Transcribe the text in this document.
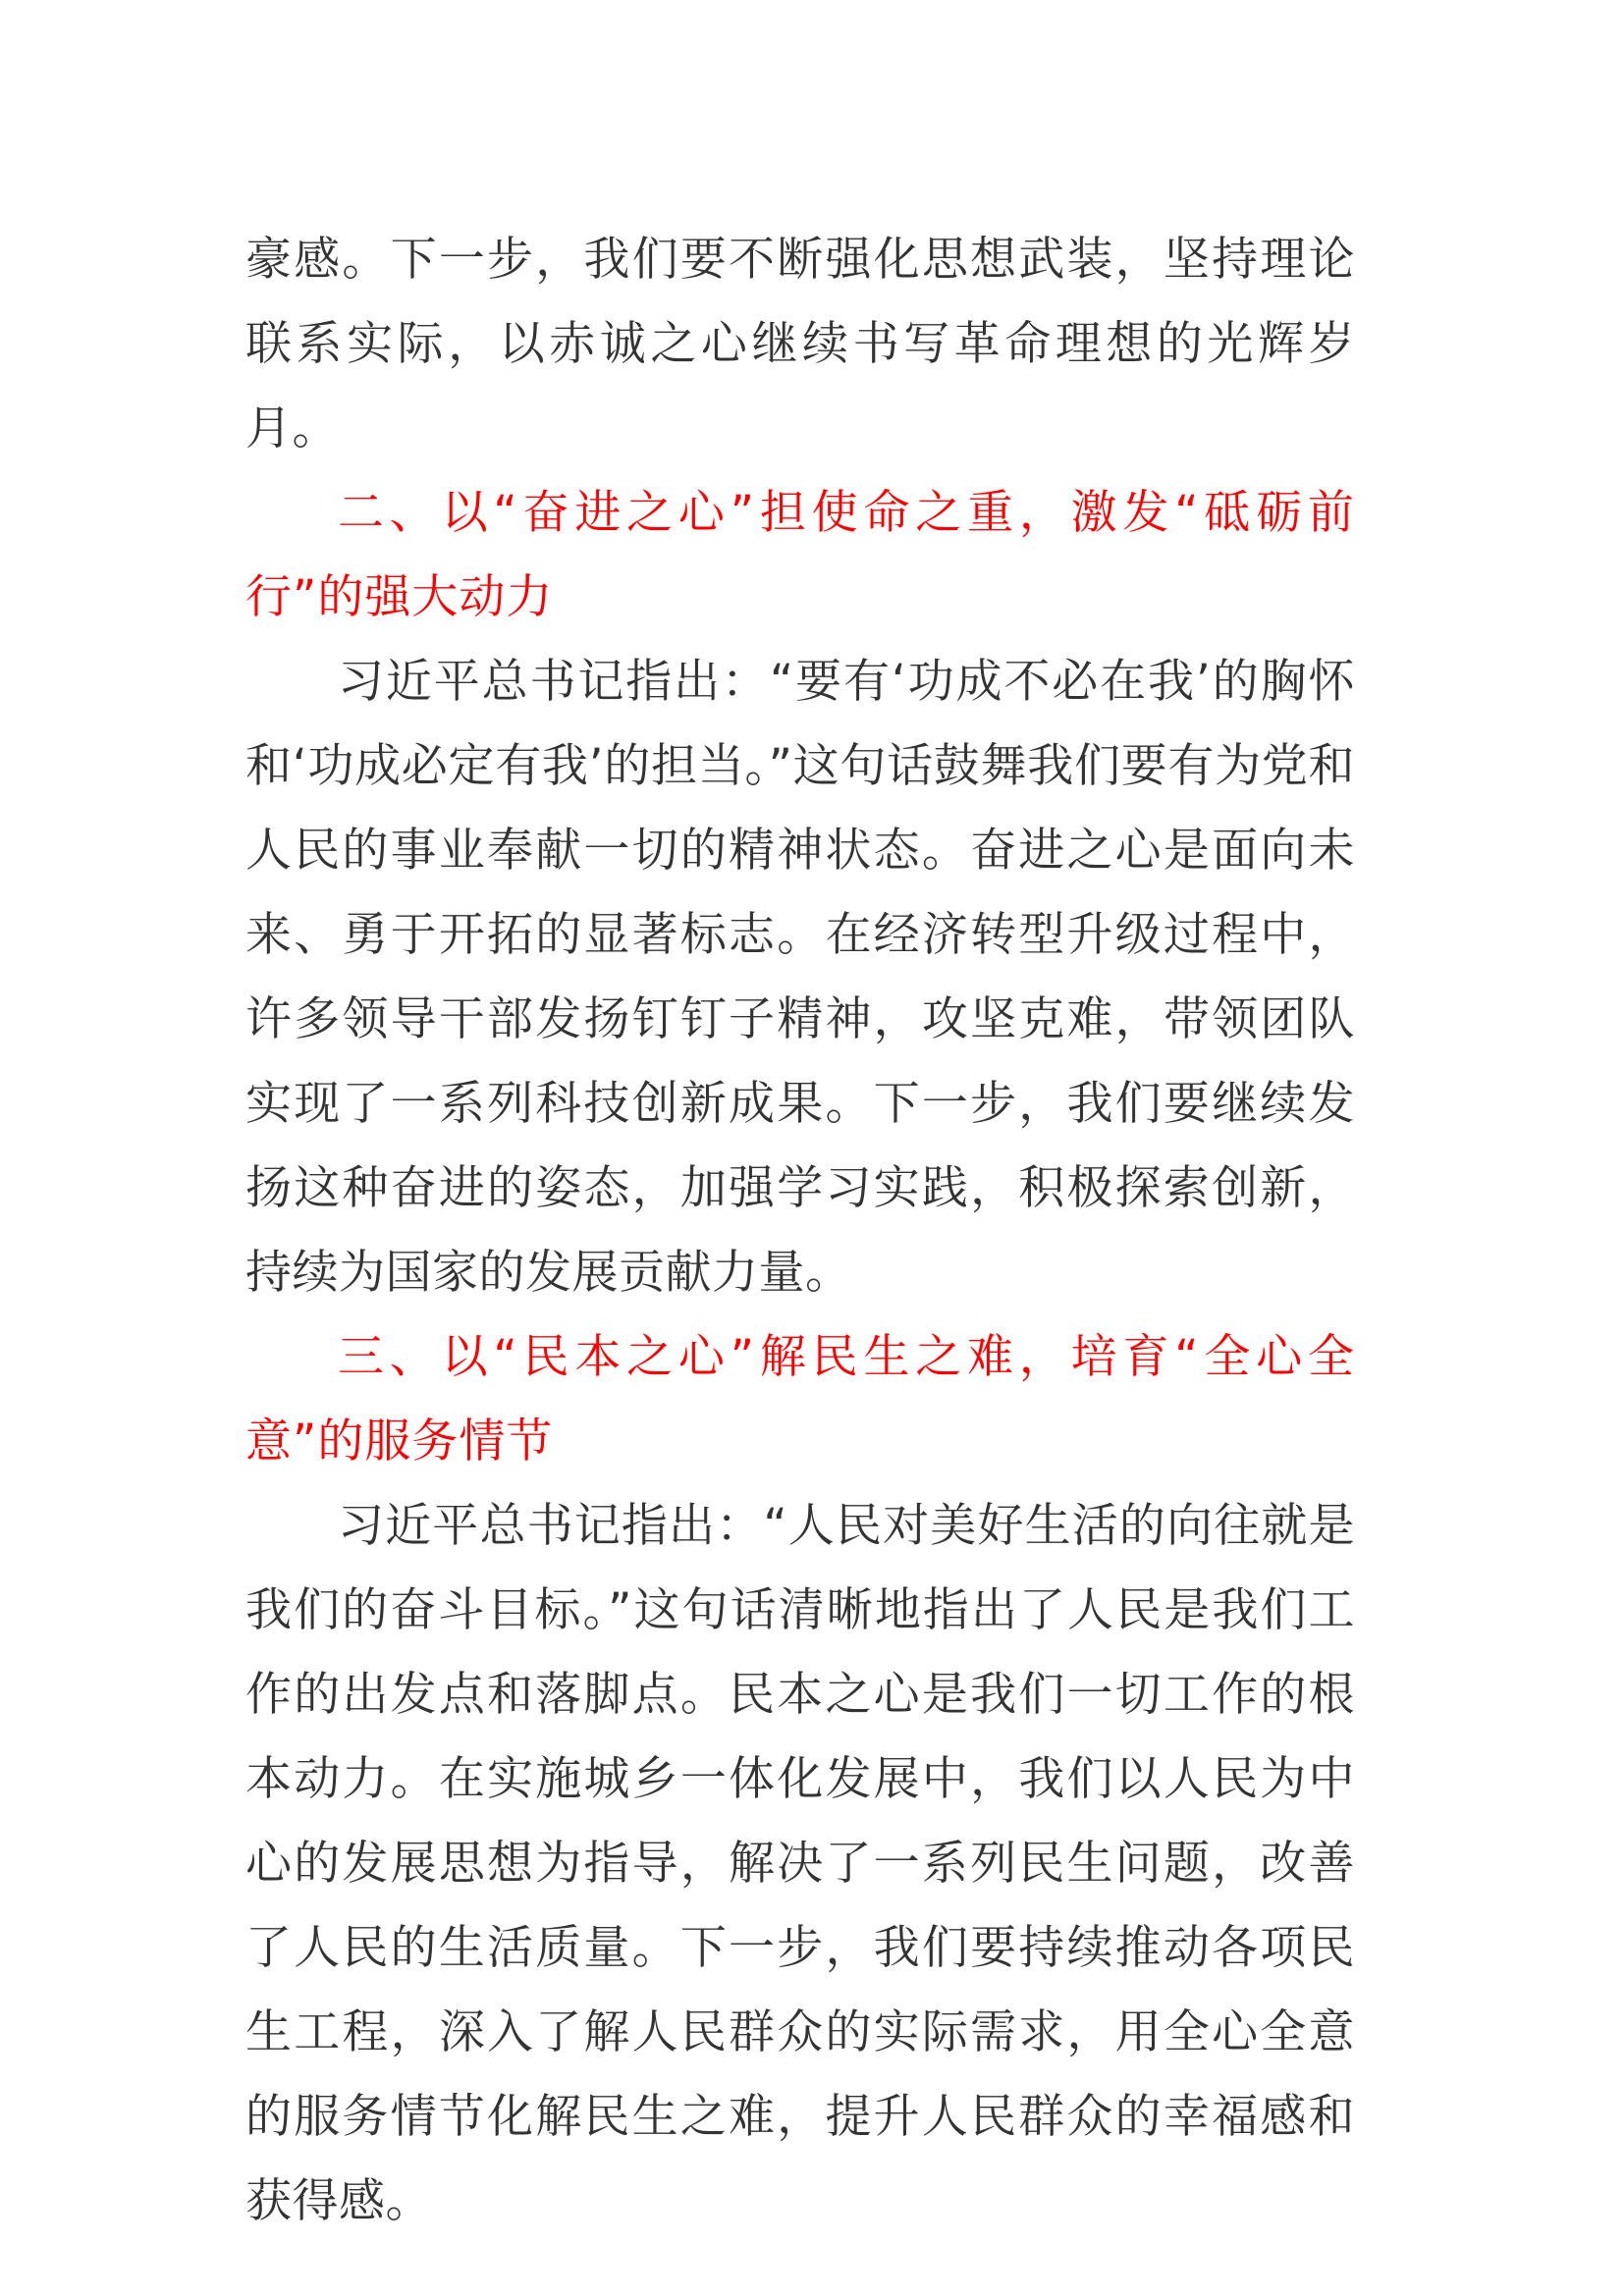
豪感。下一步，我们要不断强化思想武装，坚持理论联系实际，以赤诚之心继续书写革命理想的光辉岁月。

二、以“奋进之心”担使命之重，激发“砥砺前行”的强大动力

习近平总书记指出：“要有‘功成不必在我’的胸怀和‘功成必定有我’的担当。”这句话鼓舞我们要有为党和人民的事业奉献一切的精神状态。奋进之心是面向未来、勇于开拓的显著标志。在经济转型升级过程中，许多领导干部发扬钉钉子精神，攻坚克难，带领团队实现了一系列科技创新成果。下一步，我们要继续发扬这种奋进的姿态，加强学习实践，积极探索创新，持续为国家的发展贡献力量。

三、以“民本之心”解民生之难，培育“全心全意”的服务情节

习近平总书记指出：“人民对美好生活的向往就是我们的奋斗目标。”这句话清晰地指出了人民是我们工作的出发点和落脚点。民本之心是我们一切工作的根本动力。在实施城乡一体化发展中，我们以人民为中心的发展思想为指导，解决了一系列民生问题，改善了人民的生活质量。下一步，我们要持续推动各项民生工程，深入了解人民群众的实际需求，用全心全意的服务情节化解民生之难，提升人民群众的幸福感和获得感。
